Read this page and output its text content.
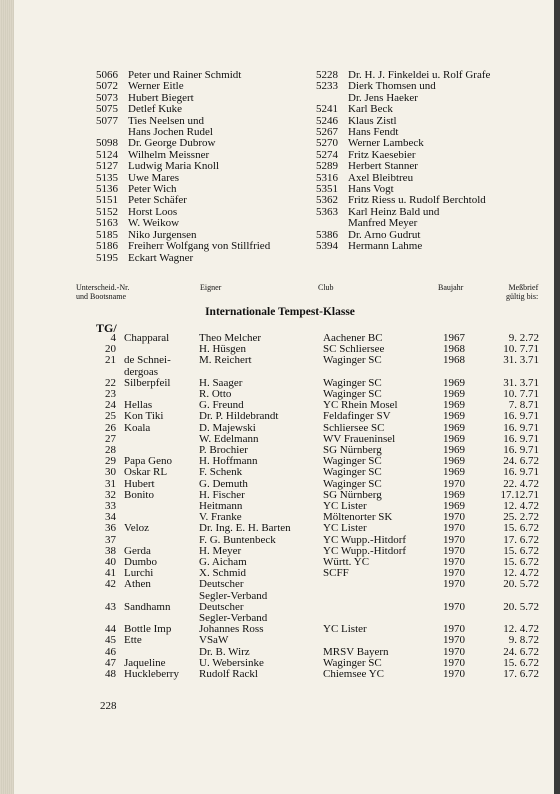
5066 Peter und Rainer Schmidt
5072 Werner Eitle
5073 Hubert Biegert
5075 Detlef Kuke
5077 Ties Neelsen und
Hans Jochen Rudel
5098 Dr. George Dubrow
5124 Wilhelm Meissner
5127 Ludwig Maria Knoll
5135 Uwe Mares
5136 Peter Wich
5151 Peter Schäfer
5152 Horst Loos
5163 W. Weikow
5185 Niko Jurgensen
5186 Freiherr Wolfgang von Stillfried
5195 Eckart Wagner
5228 Dr. H. J. Finkeldei u. Rolf Grafe
5233 Dierk Thomsen und
Dr. Jens Haeker
5241 Karl Beck
5246 Klaus Zistl
5267 Hans Fendt
5270 Werner Lambeck
5274 Fritz Kaesebier
5289 Herbert Stanner
5316 Axel Bleibtreu
5351 Hans Vogt
5362 Fritz Riess u. Rudolf Berchtold
5363 Karl Heinz Bald und
Manfred Meyer
5386 Dr. Arno Gudrut
5394 Hermann Lahme
Unterscheid.-Nr.
und Bootsname
Eigner	Club	Baujahr	Meßbrief
gültig bis:
Internationale Tempest-Klasse
TG/
4	Chapparal	Theo Melcher	Aachener BC	1967	9. 2.72
20		H. Hüsgen	SC Schliersee	1968	10. 7.71
21	de Schnei-	M. Reichert	Waginger SC	1968	31. 3.71
	dergoas				
22	Silberpfeil	H. Saager	Waginger SC	1969	31. 3.71
23		R. Otto	Waginger SC	1969	10. 7.71
24	Hellas	G. Freund	YC Rhein Mosel	1969	7. 8.71
25	Kon Tiki	Dr. P. Hildebrandt	Feldafinger SV	1969	16. 9.71
26	Koala	D. Majewski	Schliersee SC	1969	16. 9.71
27		W. Edelmann	WV Fraueninsel	1969	16. 9.71
28		P. Brochier	SG Nürnberg	1969	16. 9.71
29	Papa Geno	H. Hoffmann	Waginger SC	1969	24. 6.72
30	Oskar RL	F. Schenk	Waginger SC	1969	16. 9.71
31	Hubert	G. Demuth	Waginger SC	1970	22. 4.72
32	Bonito	H. Fischer	SG Nürnberg	1969	17.12.71
33		Heitmann	YC Lister	1969	12. 4.72
34		V. Franke	Möltenorter SK	1970	25. 2.72
36	Veloz	Dr. Ing. E. H. Barten	YC Lister	1970	15. 6.72
37		F. G. Buntenbeck	YC Wupp.-Hitdorf	1970	17. 6.72
38	Gerda	H. Meyer	YC Wupp.-Hitdorf	1970	15. 6.72
40	Dumbo	G. Aicham	Württ. YC	1970	15. 6.72
41	Lurchi	X. Schmid	SCFF	1970	12. 4.72
42	Athen	Deutscher		1970	20. 5.72
		Segler-Verband			
43	Sandhamn	Deutscher		1970	20. 5.72
		Segler-Verband			
44	Bottle Imp	Johannes Ross	YC Lister	1970	12. 4.72
45	Ette	VSaW		1970	9. 8.72
46		Dr. B. Wirz	MRSV Bayern	1970	24. 6.72
47	Jaqueline	U. Webersinke	Waginger SC	1970	15. 6.72
48	Huckleberry	Rudolf Rackl	Chiemsee YC	1970	17. 6.72
228
